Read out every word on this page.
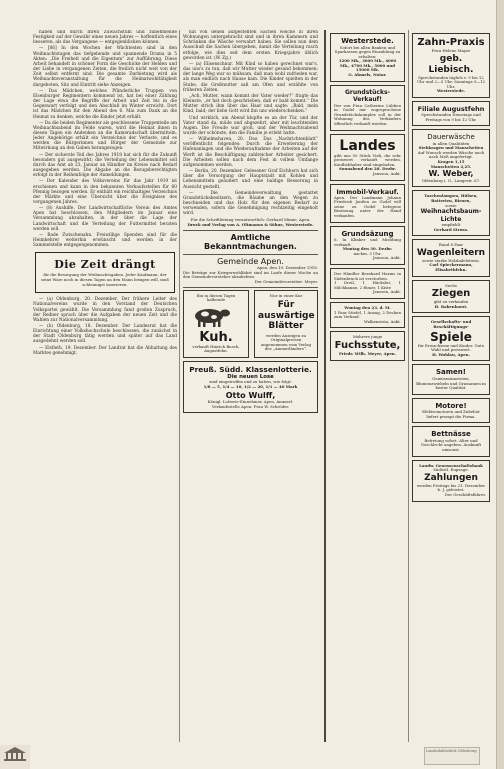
haben und durch Ihren Zuwachstum und zunehmende Festigkeit auf der Gewähr eines neuen Jahres — hoffentlich eines besseren, als das Vergangene — entgegenblicken können.

— [86] In den Wochen der Wächtesten sind in den Weihnachtstagen das tiefgehende und spannende Drama in 5 Akten: „Die Freiheit und die Eigentum“ zur Aufführung. Diese Arbeit behandelt in schöner Form die Geschicke der Helden und der Liebe in vergangenen Zeiten, die freilich nicht weit von der Zeit selbst entfernt sind. Die gesamte Darbietung wird als Weihnachtsveranstaltung für die Heimatwohltätigkeit dargeboten, Sitz und Eintritt siehe Anzeigen.

— Das Mädchen, welches Pfänderliche Truppen von Elsenburger Regimentern kommend ist, hat bei einer Zählung der Lage etwa die Begriffe der Arbeit und Zeit bis in die Gegenwart verfolgt und den Abschluß im Winter erreicht. Dort ist das Mädchen für den Abend des 6. Mai zum Dank an die Heimat zu denken, welche die Kinder jetzt erhält.

— Da die beiden Regimenter als geschlossene Truppenteile am Weihnachtsabend im Felde waren, wird die Heimat ihnen in diesen Tagen ein Andenken an die Kameradschaft übermitteln. Jeder Angehörige erhält ein Verzeichnis der Verluste, und es werden die Bürgerinnen und Bürger der Gemeinde zur Mitwirkung an den Gaben herangezogen.

— Der sicherste Teil des Jahres 1918 hat sich für die Zukunft besonders gut ausgewirkt; die Verteilung der Lebensmittel soll durch das Amt ab 23. Januar an Händler im Kreise nach Bedarf ausgegeben werden. Die Abgabe an die Bezugsberechtigten erfolgt in der Reihenfolge der Anmeldungen.

— Der Kalender des Volksvereins für das Jahr 1919 ist erschienen und kann in den bekannten Verkaufsstellen für 60 Pfennig bezogen werden. Er enthält ein reichhaltiges Verzeichnis der Märkte und eine Übersicht über die Ereignisse des vergangenen Jahres.

— (8) Aushilfe. Der Landwirtschaftliche Verein des Amtes Apen hat beschlossen, den Mitgliedern im Januar eine Versammlung abzuhalten, in der über die Lage der Landwirtschaft und die Verteilung der Futtermittel beraten werden soll.

— Bade Zwischenahn. Freiwillige Spenden sind für die Heimkehrer weiterhin erwünscht und werden in der Sammelstelle entgegengenommen.

Die Zeit drängt
für die Besorgung der Weihnachtsgaben. Jeder Kaufmann, der seine Ware noch in diesen Tagen an den Mann bringen will, muß schleunigst inserieren.

— (a) Oldenburg, 20. Dezember. Der frühere Leiter des Nationalvereins wurde in den Vorstand der Deutschen Volkspartei gewählt. Die Versammlung fand großen Zuspruch, der Redner sprach über die Aufgaben der neuen Zeit und die Wahlen zur Nationalversammlung.

— (b) Oldenburg, 18. Dezember. Der Landesrat hat die Einrichtung einer Volkshochschule beschlossen, die zunächst in der Stadt Oldenburg tätig werden und später auf das Land ausgedehnt werden soll.

— Elsfleth, 19. Dezember. Der Landrat hat die Abhaltung des Marktes genehmigt.

hat von denen aufgestellten Sachen welche in ihren Wohnungen untergebracht sind und in ihren Kammern und Schränken die Wäsche verwahrt haben. Sie sollen nun dem Ausschuß die Sachen übergeben, damit die Verteilung rasch erfolge, wie dies seit dem ersten Kriegsjahre üblich geworden ist. (W. Zg.)

— (a) Elisenschnur. Mit Kind so haben gerechnet war's, das uns's zu tun, daß wir Mutter wieder gesund bekommen; der lange Weg war so mühsam, daß man wohl zufrieden war, als man endlich nach Hause kam. Die Kinder spielten in der Stube, die Großmutter saß am Ofen und erzählte von früheren Zeiten.

„Ach, Mutter, wann kommt der Vater wieder?“ fragte das Kleinste; „er hat doch geschrieben, daß er bald kommt.“ Die Mutter strich ihm über das Haar und sagte: „Bald, mein Kind, bald; der liebe Gott wird ihn uns wiederschenken.“

Und wirklich, am Abend klopfte es an der Tür, und der Vater stand da, müde und abgezehrt, aber mit leuchtenden Augen. Die Freude war groß, und der Weihnachtsabend wurde der schönste, den die Familie je erlebt hatte.

— Wilhelmshaven, 20. Dez. Das „Nachrichtenblatt“ veröffentlicht folgendes: Durch die Erweiterung der Hafenanlagen und die Wiederaufnahme der Arbeiten auf der Werft ist die Beschäftigung zahlreicher Arbeiter gesichert. Die Arbeiten sollen nach dem Fest in vollem Umfange aufgenommen werden.

— Berlin, 20. Dezember. Gelesener Graf Eichhorn hat sich über die Versorgung der Hauptstadt mit Kohlen und Lebensmitteln geäußert und eine baldige Besserung in Aussicht gestellt.

— Die Gemeindeverwaltung gestattet Grundstücksbesitzern, die Bäume an den Wegen zu beschneiden und das Holz für den eigenen Bedarf zu verwenden, sofern die Genehmigung rechtzeitig eingeholt wird.

Für die Schriftleitung verantwortlich: Gerhard Mimie, Apen.
Druck und Verlag von A. Oltmanns & Söhne, Westerstede.
Amtliche Bekanntmachungen.
Gemeinde Apen.
Apen, den 19. Dezember 1918.
Die Beträge zur Kriegerwohlfahrt sind im Laufe dieser Woche an den Gemeindevorsteher abzuliefern.
Der Gemeindevorsteher: Meyer.
Ein in diesen Tagen kalbende
Kuh.
verkauft Hinrich Busch, Augustfehn.
Nur in einer Kur
Für auswärtige Blätter
werden Anzeigen zu Originalpreisen angenommen vom Verlag des „Ammerländers“.
Preuß. Südd. Klassenlotterie.
Die neuen Lose
sind eingetroffen und zu haben, wie folgt:
1/8 — 5, 1/4 — 10, 1/2 — 20, 1/1 — 40 Mark
Otto Wulff,
Königl. Lotterie-Einnehmer, Apen, Ammerl.
Verkaufsstelle Apen: Frau W. Schröder.
Westerstede.
Sofort bei allen Banken und Sparkassen gegen Einzahlung zu erhalten:
1200 Mk., 3000 Mk., 4000 Mk., 4700 Mk., 5000 und 15000 Mk.
G. Ahmels, Notar.
Grundstücks-Verkauf!
Der von Frau Catherine Lübben in Godel mir zugesprochene Grundstückskomplex soll in der Wohnung des Verkäufers öffentlich verkauft werden.
Landes
gibt uns 50 Stück Vieh, die sehr preiswert verkauft werden. Kaufliebhaber sind eingeladen.
Sonnabend den 28. Dezbr.
Jansson, Aukt.
Immobil-Verkauf.
Apen. Der Landmann Johann Friedrich Janßen zu Godel will seine zu Godel belegene Besitzung unter der Hand verkaufen.
Grundsäzung
6. In Klinker und Mistdung verkauft.
Montag den 30. Dezbr.
nachm. 3 Uhr.
Jansson, Aukt.
Der Händler Bernhard Harms in Südenbruch ist verstorben.
1 Dreil, 1 Häcksler, 1 Milchkanne, 2 Eimer, 1 Kiste
Janssen, Aukt.
Wontag den 23. d. M.
1 Paar Stiefel, 1 Anzug, 2 Decken zum Verkauf.
Walkenstein, Aukt.
Mehrere junge
Fuchsstute,
Friedr. Wilh. Meyer, Apen.
Zahn-Praxis
Frau Helene Mayer
geb. Liebisch.
Sprechstunden täglich v. 9 bis 12 Uhr und 2—5 Uhr, Sonntags 9—12 Uhr.
Westerstede.
Filiale Augustfehn
Sprechstunden Dienstags und Freitags von 9 bis 12 Uhr.
Dauerwäsche
in allen Qualitäten
Stehkragen und Manschetten
Auf Wunsch werden Wäsche auch nach Maß angefertigt.
Kragen 1,15
Manschetten 2,25.
W. Weber,
Oldenburg i. O., Langestr. 67.
Taschenlampen, Hülsen, Batterien, Birnen,
sowie
Weihnachtsbaum-Lichte
empfiehlt
Gerhard Struss.
Rund 8 Paar
Wagenleitern
sowie starke Holzladeleitern.
Carl Spieckermann, Elisabethfehn.
Sechs
Ziegen
gibt zu verkaufen
H. Rabenhorst.
Gesellschafts- und Beschäftigungs-
Spiele
für Erwachsene und Kinder. Gute Wahl und preiswert.
H. Wohlau, Apen.
Samen!
Gemüsesämereien, Blumenzwiebeln und Grassamen in bester Qualität.
Motore!
Elektromotoren und Zubehör liefert prompt die Firma.
Bettnässe
Befreiung sofort. Alter und Geschlecht angeben. Auskunft umsonst.
Landw. Genossenschaftsbank
Südöstl. Eupsage.
Zahlungen
werden Freitags bis 21. Dezember b. J. geleistet.
Der Geschäftsführer.
Landesbibliothek Oldenburg
